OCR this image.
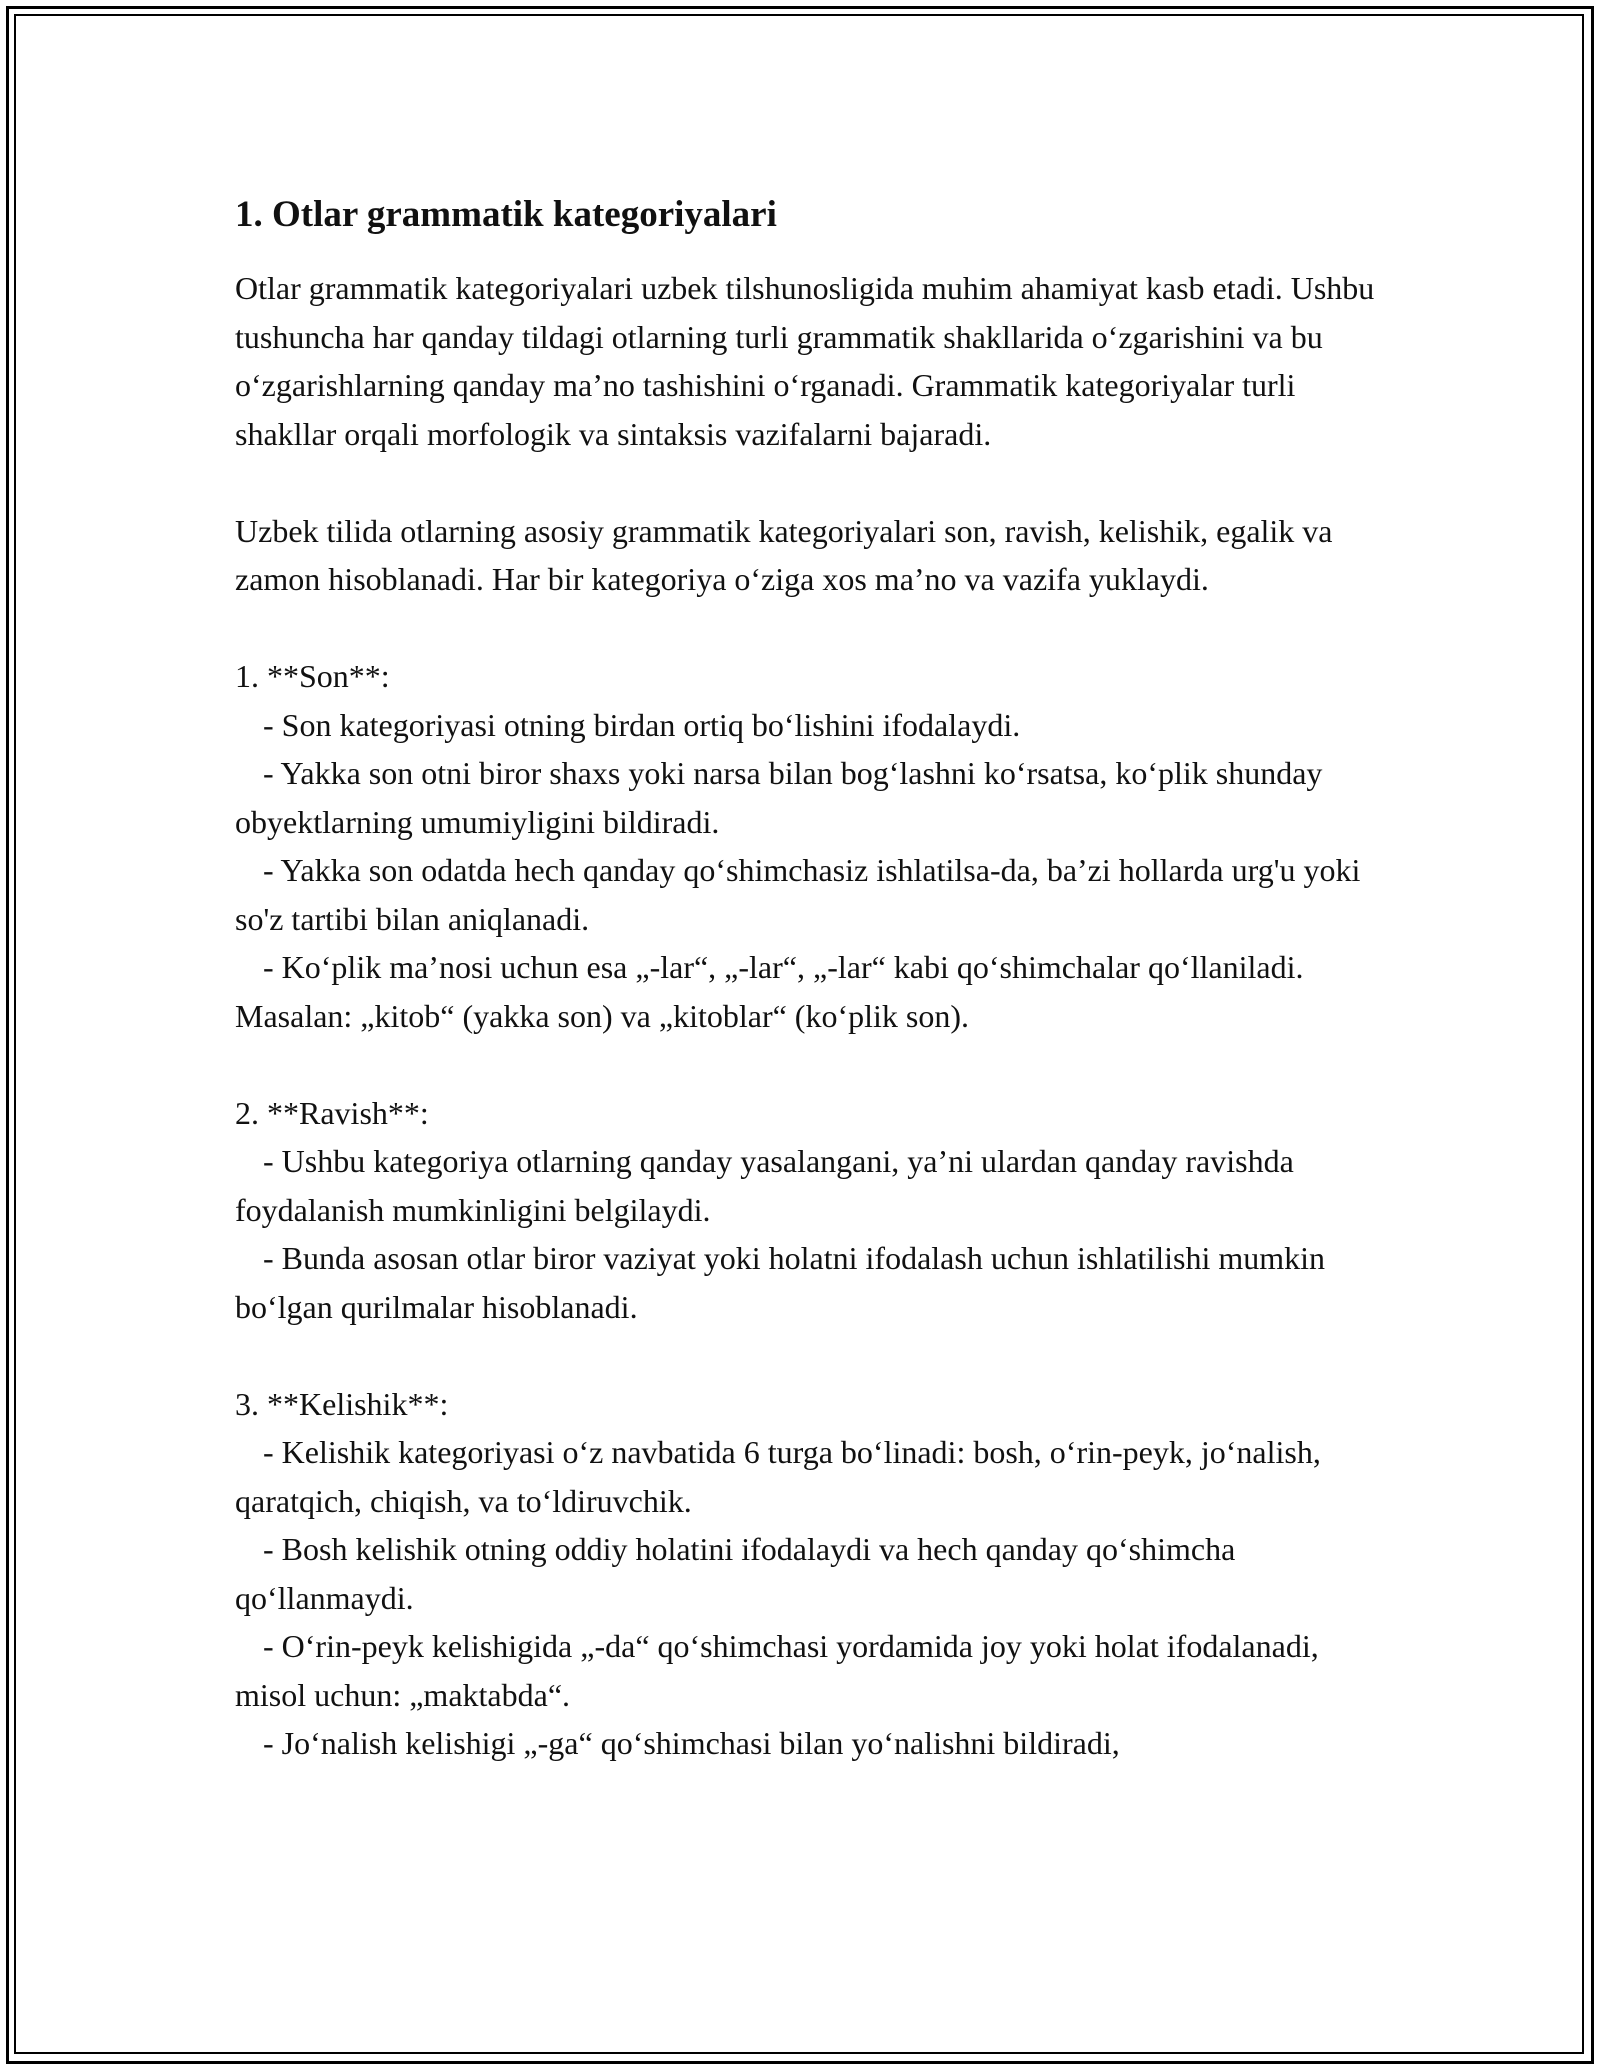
1. Otlar grammatik kategoriyalari

Otlar grammatik kategoriyalari uzbek tilshunosligida muhim ahamiyat kasb etadi. Ushbu tushuncha har qanday tildagi otlarning turli grammatik shakllarida o‘zgarishini va bu o‘zgarishlarning qanday ma’no tashishini o‘rganadi. Grammatik kategoriyalar turli shakllar orqali morfologik va sintaksis vazifalarni bajaradi.

Uzbek tilida otlarning asosiy grammatik kategoriyalari son, ravish, kelishik, egalik va zamon hisoblanadi. Har bir kategoriya o‘ziga xos ma’no va vazifa yuklaydi.

1. **Son**:

- Son kategoriyasi otning birdan ortiq bo‘lishini ifodalaydi.

- Yakka son otni biror shaxs yoki narsa bilan bog‘lashni ko‘rsatsa, ko‘plik shunday obyektlarning umumiyligini bildiradi.

- Yakka son odatda hech qanday qo‘shimchasiz ishlatilsa-da, ba’zi hollarda urg'u yoki so'z tartibi bilan aniqlanadi.

- Ko‘plik ma’nosi uchun esa „-lar“, „-lar“, „-lar“ kabi qo‘shimchalar qo‘llaniladi. Masalan: „kitob“ (yakka son) va „kitoblar“ (ko‘plik son).

2. **Ravish**:

- Ushbu kategoriya otlarning qanday yasalangani, ya’ni ulardan qanday ravishda foydalanish mumkinligini belgilaydi.

- Bunda asosan otlar biror vaziyat yoki holatni ifodalash uchun ishlatilishi mumkin bo‘lgan qurilmalar hisoblanadi.

3. **Kelishik**:

- Kelishik kategoriyasi o‘z navbatida 6 turga bo‘linadi: bosh, o‘rin-peyk, jo‘nalish, qaratqich, chiqish, va to‘ldiruvchik.

- Bosh kelishik otning oddiy holatini ifodalaydi va hech qanday qo‘shimcha qo‘llanmaydi.

- O‘rin-peyk kelishigida „-da“ qo‘shimchasi yordamida joy yoki holat ifodalanadi, misol uchun: „maktabda“.

- Jo‘nalish kelishigi „-ga“ qo‘shimchasi bilan yo‘nalishni bildiradi,
